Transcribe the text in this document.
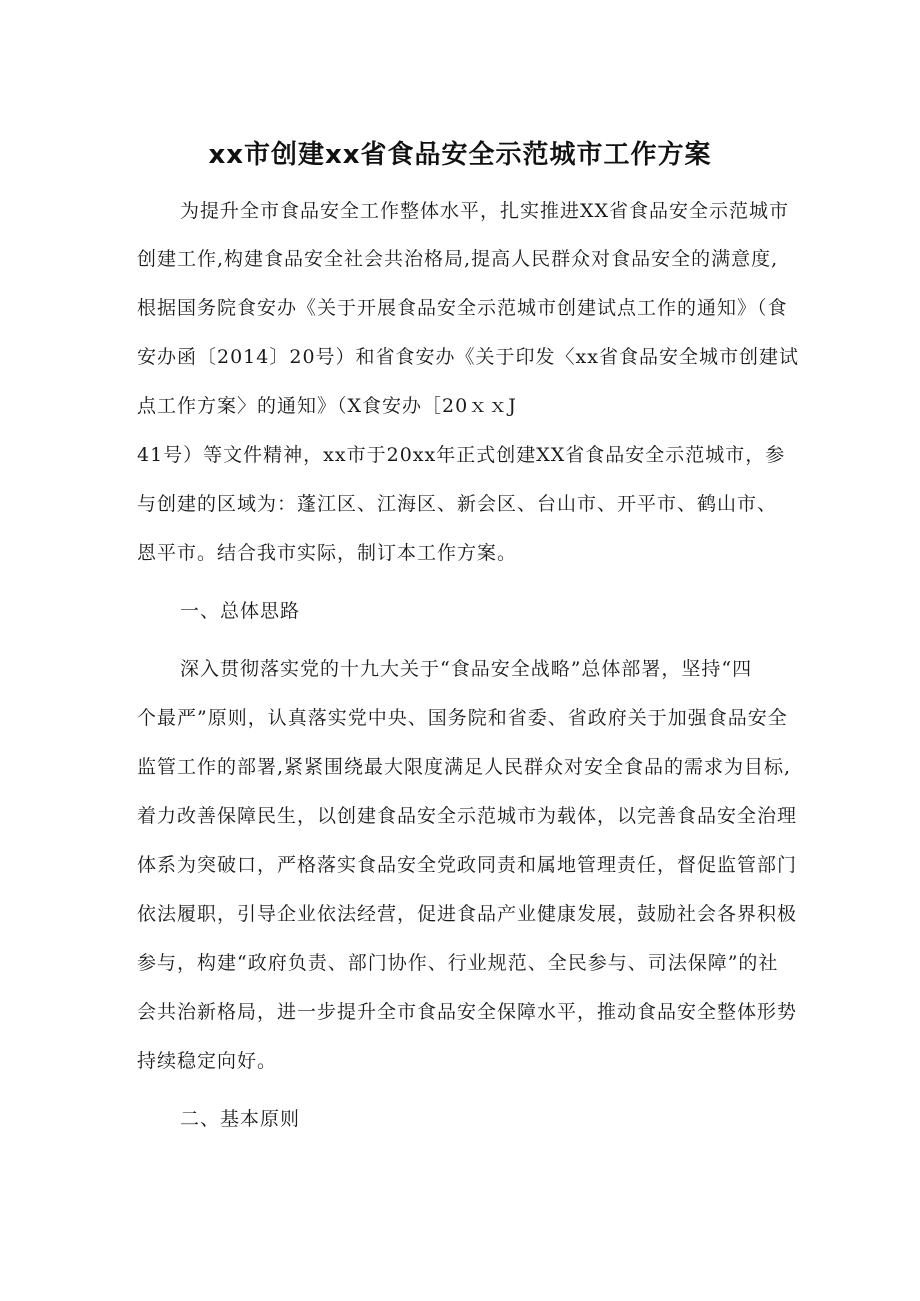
xx市创建xx省食品安全示范城市工作方案
为提升全市食品安全工作整体水平，扎实推进XX省食品安全示范城市
创建工作,构建食品安全社会共治格局,提高人民群众对食品安全的满意度,
根据国务院食安办《关于开展食品安全示范城市创建试点工作的通知》（食
安办函〔2014〕20号）和省食安办《关于印发〈xx省食品安全城市创建试
点工作方案〉的通知》（X食安办［20ｘｘJ
41号）等文件精神，xx市于20xx年正式创建XX省食品安全示范城市，参
与创建的区域为：蓬江区、江海区、新会区、台山市、开平市、鹤山市、
恩平市。结合我市实际，制订本工作方案。
一、总体思路
深入贯彻落实党的十九大关于“食品安全战略”总体部署，坚持“四
个最严”原则，认真落实党中央、国务院和省委、省政府关于加强食品安全
监管工作的部署,紧紧围绕最大限度满足人民群众对安全食品的需求为目标,
着力改善保障民生，以创建食品安全示范城市为载体，以完善食品安全治理
体系为突破口，严格落实食品安全党政同责和属地管理责任，督促监管部门
依法履职，引导企业依法经营，促进食品产业健康发展，鼓励社会各界积极
参与，构建“政府负责、部门协作、行业规范、全民参与、司法保障”的社
会共治新格局，进一步提升全市食品安全保障水平，推动食品安全整体形势
持续稳定向好。
二、基本原则
